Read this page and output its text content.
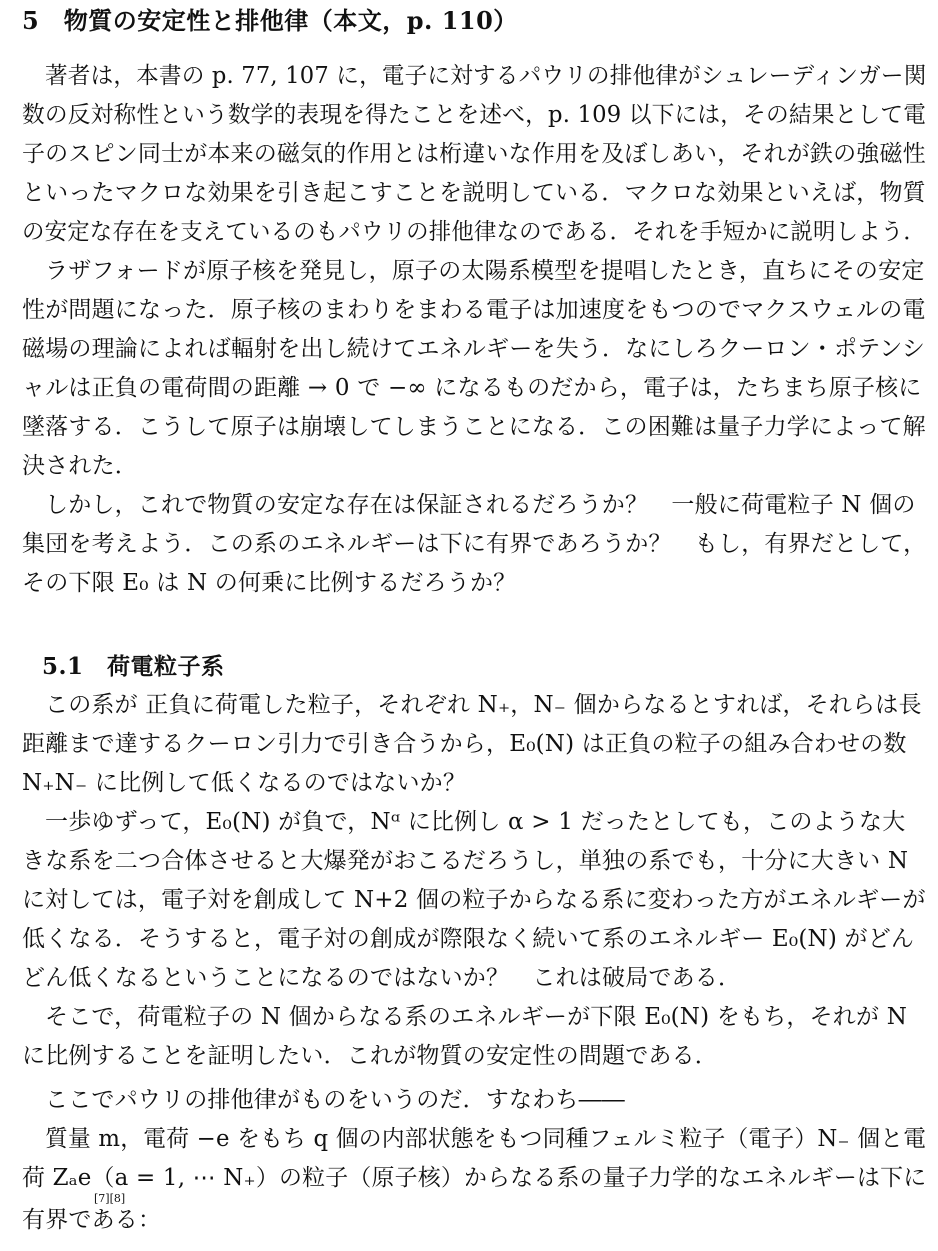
5　物質の安定性と排他律（本文，p. 110）
著者は，本書の p. 77, 107 に，電子に対するパウリの排他律がシュレーディンガー関
数の反対称性という数学的表現を得たことを述べ，p. 109 以下には，その結果として電
子のスピン同士が本来の磁気的作用とは桁違いな作用を及ぼしあい，それが鉄の強磁性
といったマクロな効果を引き起こすことを説明している．マクロな効果といえば，物質
の安定な存在を支えているのもパウリの排他律なのである．それを手短かに説明しよう．
ラザフォードが原子核を発見し，原子の太陽系模型を提唱したとき，直ちにその安定
性が問題になった．原子核のまわりをまわる電子は加速度をもつのでマクスウェルの電
磁場の理論によれば輻射を出し続けてエネルギーを失う．なにしろクーロン・ポテンシ
ャルは正負の電荷間の距離 → 0 で −∞ になるものだから，電子は，たちまち原子核に
墜落する．こうして原子は崩壊してしまうことになる．この困難は量子力学によって解
決された．
しかし，これで物質の安定な存在は保証されるだろうか？　一般に荷電粒子 N 個の
集団を考えよう．この系のエネルギーは下に有界であろうか？　もし，有界だとして，
その下限 E₀ は N の何乗に比例するだろうか？
5.1　荷電粒子系
この系が 正負に荷電した粒子，それぞれ N₊，N₋ 個からなるとすれば，それらは長
距離まで達するクーロン引力で引き合うから，E₀(N) は正負の粒子の組み合わせの数
N₊N₋ に比例して低くなるのではないか？
一歩ゆずって，E₀(N) が負で，Nᵅ に比例し α > 1 だったとしても，このような大
きな系を二つ合体させると大爆発がおこるだろうし，単独の系でも，十分に大きい N
に対しては，電子対を創成して N+2 個の粒子からなる系に変わった方がエネルギーが
低くなる．そうすると，電子対の創成が際限なく続いて系のエネルギー E₀(N) がどん
どん低くなるということになるのではないか？　これは破局である．
そこで，荷電粒子の N 個からなる系のエネルギーが下限 E₀(N) をもち，それが N
に比例することを証明したい．これが物質の安定性の問題である．
ここでパウリの排他律がものをいうのだ．すなわち――
質量 m，電荷 −e をもち q 個の内部状態をもつ同種フェルミ粒子（電子）N₋ 個と電
荷 Zₐe（a = 1, ⋯ N₊）の粒子（原子核）からなる系の量子力学的なエネルギーは下に
[7][8]
有界である：
